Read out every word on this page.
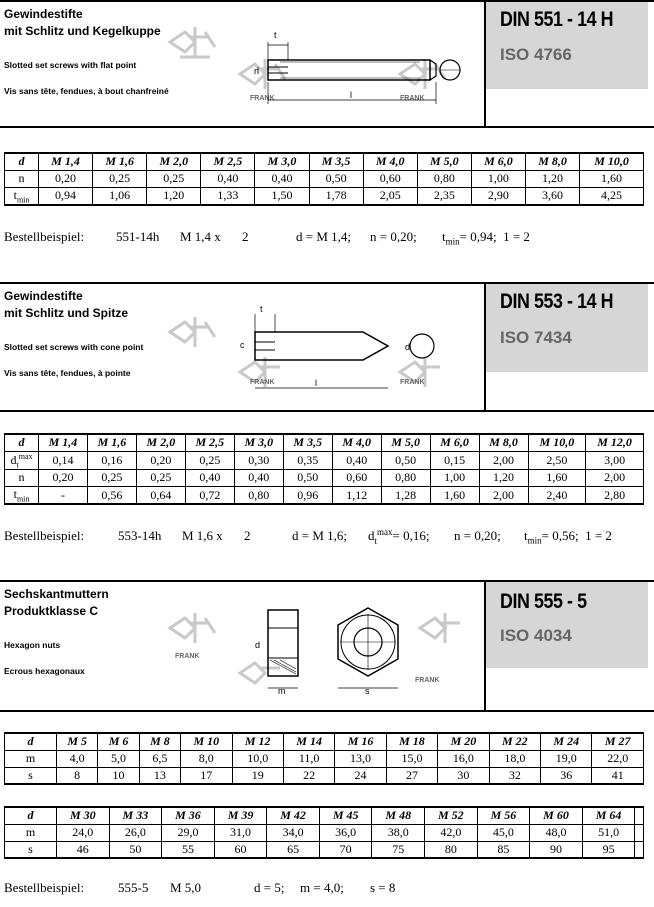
Gewindestifte
mit Schlitz und Kegelkuppe
Slotted set screws with flat point
Vis sans tête, fendues, à bout chanfreiné
FRANK	FRANK
t
n
l
DIN 551 - 14 H
ISO 4766
d	M 1,4	M 1,6	M 2,0	M 2,5	M 3,0	M 3,5	M 4,0	M 5,0	M 6,0	M 8,0	M 10,0
n	0,20	0,25	0,25	0,40	0,40	0,50	0,60	0,80	1,00	1,20	1,60
$t_{min}$	0,94	1,06	1,20	1,33	1,50	1,78	2,05	2,35	2,90	3,60	4,25
Bestellbeispiel: 551-14h M 1,4 x 2	d = M 1,4; n = 0,20; $t_{min}= 0,94$; 1 = 2
Gewindestifte
mit Schlitz und Spitze
Slotted set screws with cone point
Vis sans tête, fendues, à pointe
FRANK	FRANK
t
c
l
d
DIN 553 - 14 H
ISO 7434
d	M 1,4	M 1,6	M 2,0	M 2,5	M 3,0	M 3,5	M 4,0	M 5,0	M 6,0	M 8,0	M 10,0	M 12,0
$d_t^{max}$	0,14	0,16	0,20	0,25	0,30	0,35	0,40	0,50	0,15	2,00	2,50	3,00
n	0,20	0,25	0,25	0,40	0,40	0,50	0,60	0,80	1,00	1,20	1,60	2,00
$t_{min}$	-	0,56	0,64	0,72	0,80	0,96	1,12	1,28	1,60	2,00	2,40	2,80
Bestellbeispiel:	553-14h M 1,6 x 2	d = M 1,6; $d_t^{max}= 0,16$; n = 0,20; $t_{min}= 0,56$; 1 = 2
Sechskantmuttern
Produktklasse C
Hexagon nuts
Ecrous hexagonaux
FRANK
FRANK
d
m	s
DIN 555 - 5
ISO 4034
d	M 5	M 6	M 8	M 10	M 12	M 14	M 16	M 18	M 20	M 22	M 24	M 27
m	4,0	5,0	6,5	8,0	10,0	11,0	13,0	15,0	16,0	18,0	19,0	22,0
s	8	10	13	17	19	22	24	27	30	32	36	41
d	M 30	M 33	M 36	M 39	M 42	M 45	M 48	M 52	M 56	M 60	M 64	
m	24,0	26,0	29,0	31,0	34,0	36,0	38,0	42,0	45,0	48,0	51,0	
s	46	50	55	60	65	70	75	80	85	90	95	
Bestellbeispiel:	555-5 M 5,0	d = 5; m = 4,0; s = 8
